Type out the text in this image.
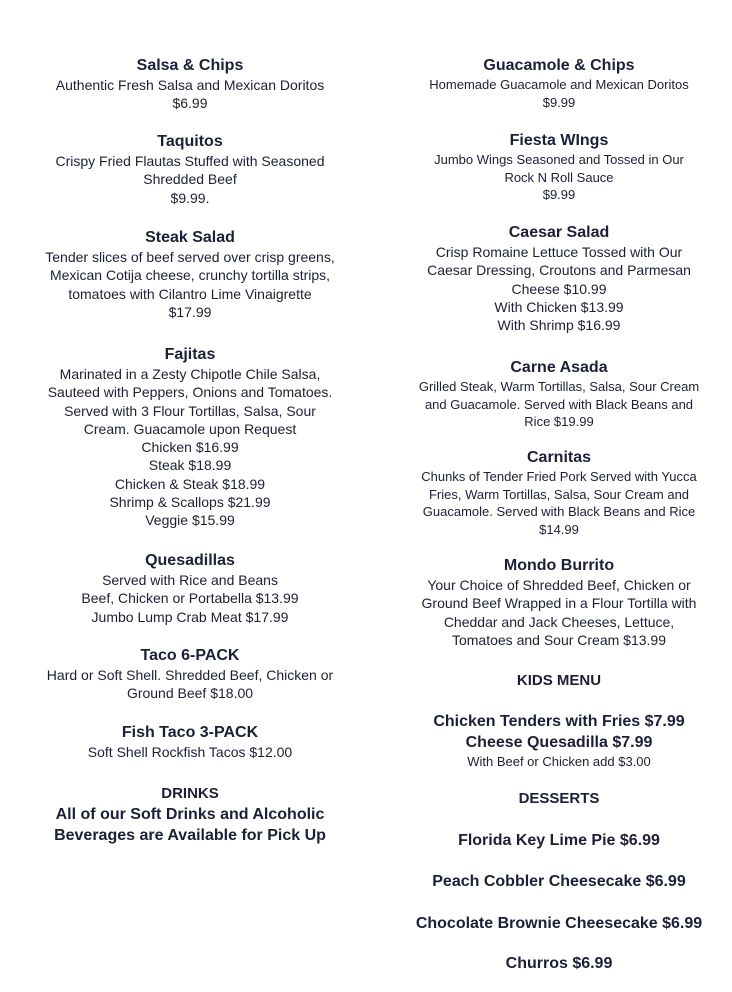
Salsa & Chips
Authentic Fresh Salsa and Mexican Doritos
$6.99
Taquitos
Crispy Fried Flautas Stuffed with Seasoned
Shredded Beef
$9.99.
Steak Salad
Tender slices of beef served over crisp greens,
Mexican Cotija cheese, crunchy tortilla strips,
tomatoes with Cilantro Lime Vinaigrette
$17.99
Fajitas
Marinated in a Zesty Chipotle Chile Salsa,
Sauteed with Peppers, Onions and Tomatoes.
Served with 3 Flour Tortillas, Salsa, Sour
Cream. Guacamole upon Request
Chicken $16.99
Steak $18.99
Chicken & Steak $18.99
Shrimp & Scallops $21.99
Veggie $15.99
Quesadillas
Served with Rice and Beans
Beef, Chicken or Portabella $13.99
Jumbo Lump Crab Meat $17.99
Taco 6-PACK
Hard or Soft Shell. Shredded Beef, Chicken or
Ground Beef $18.00
Fish Taco 3-PACK
Soft Shell Rockfish Tacos $12.00
DRINKS
All of our Soft Drinks and Alcoholic
Beverages are Available for Pick Up
Guacamole & Chips
Homemade Guacamole and Mexican Doritos
$9.99
Fiesta WIngs
Jumbo Wings Seasoned and Tossed in Our
Rock N Roll Sauce
$9.99
Caesar Salad
Crisp Romaine Lettuce Tossed with Our
Caesar Dressing, Croutons and Parmesan
Cheese $10.99
With Chicken $13.99
With Shrimp $16.99
Carne Asada
Grilled Steak, Warm Tortillas, Salsa, Sour Cream
and Guacamole. Served with Black Beans and
Rice $19.99
Carnitas
Chunks of Tender Fried Pork Served with Yucca
Fries, Warm Tortillas, Salsa, Sour Cream and
Guacamole. Served with Black Beans and Rice
$14.99
Mondo Burrito
Your Choice of Shredded Beef, Chicken or
Ground Beef Wrapped in a Flour Tortilla with
Cheddar and Jack Cheeses, Lettuce,
Tomatoes and Sour Cream $13.99
KIDS MENU
Chicken Tenders with Fries $7.99
Cheese Quesadilla $7.99
With Beef or Chicken add $3.00
DESSERTS
Florida Key Lime Pie $6.99
Peach Cobbler Cheesecake $6.99
Chocolate Brownie Cheesecake $6.99
Churros $6.99
